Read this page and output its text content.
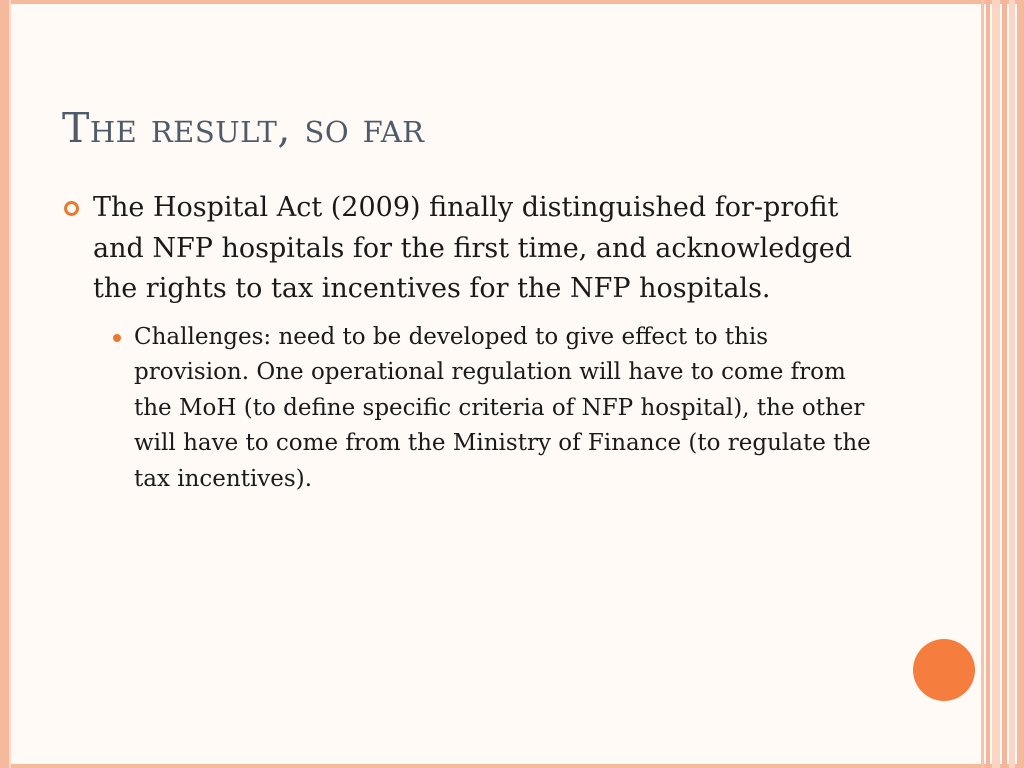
The result, so far
The Hospital Act (2009) finally distinguished for-profit and NFP hospitals for the first time, and acknowledged the rights to tax incentives for the NFP hospitals.
Challenges: need to be developed to give effect to this provision. One operational regulation will have to come from the MoH (to define specific criteria of NFP hospital), the other will have to come from the Ministry of Finance (to regulate the tax incentives).
